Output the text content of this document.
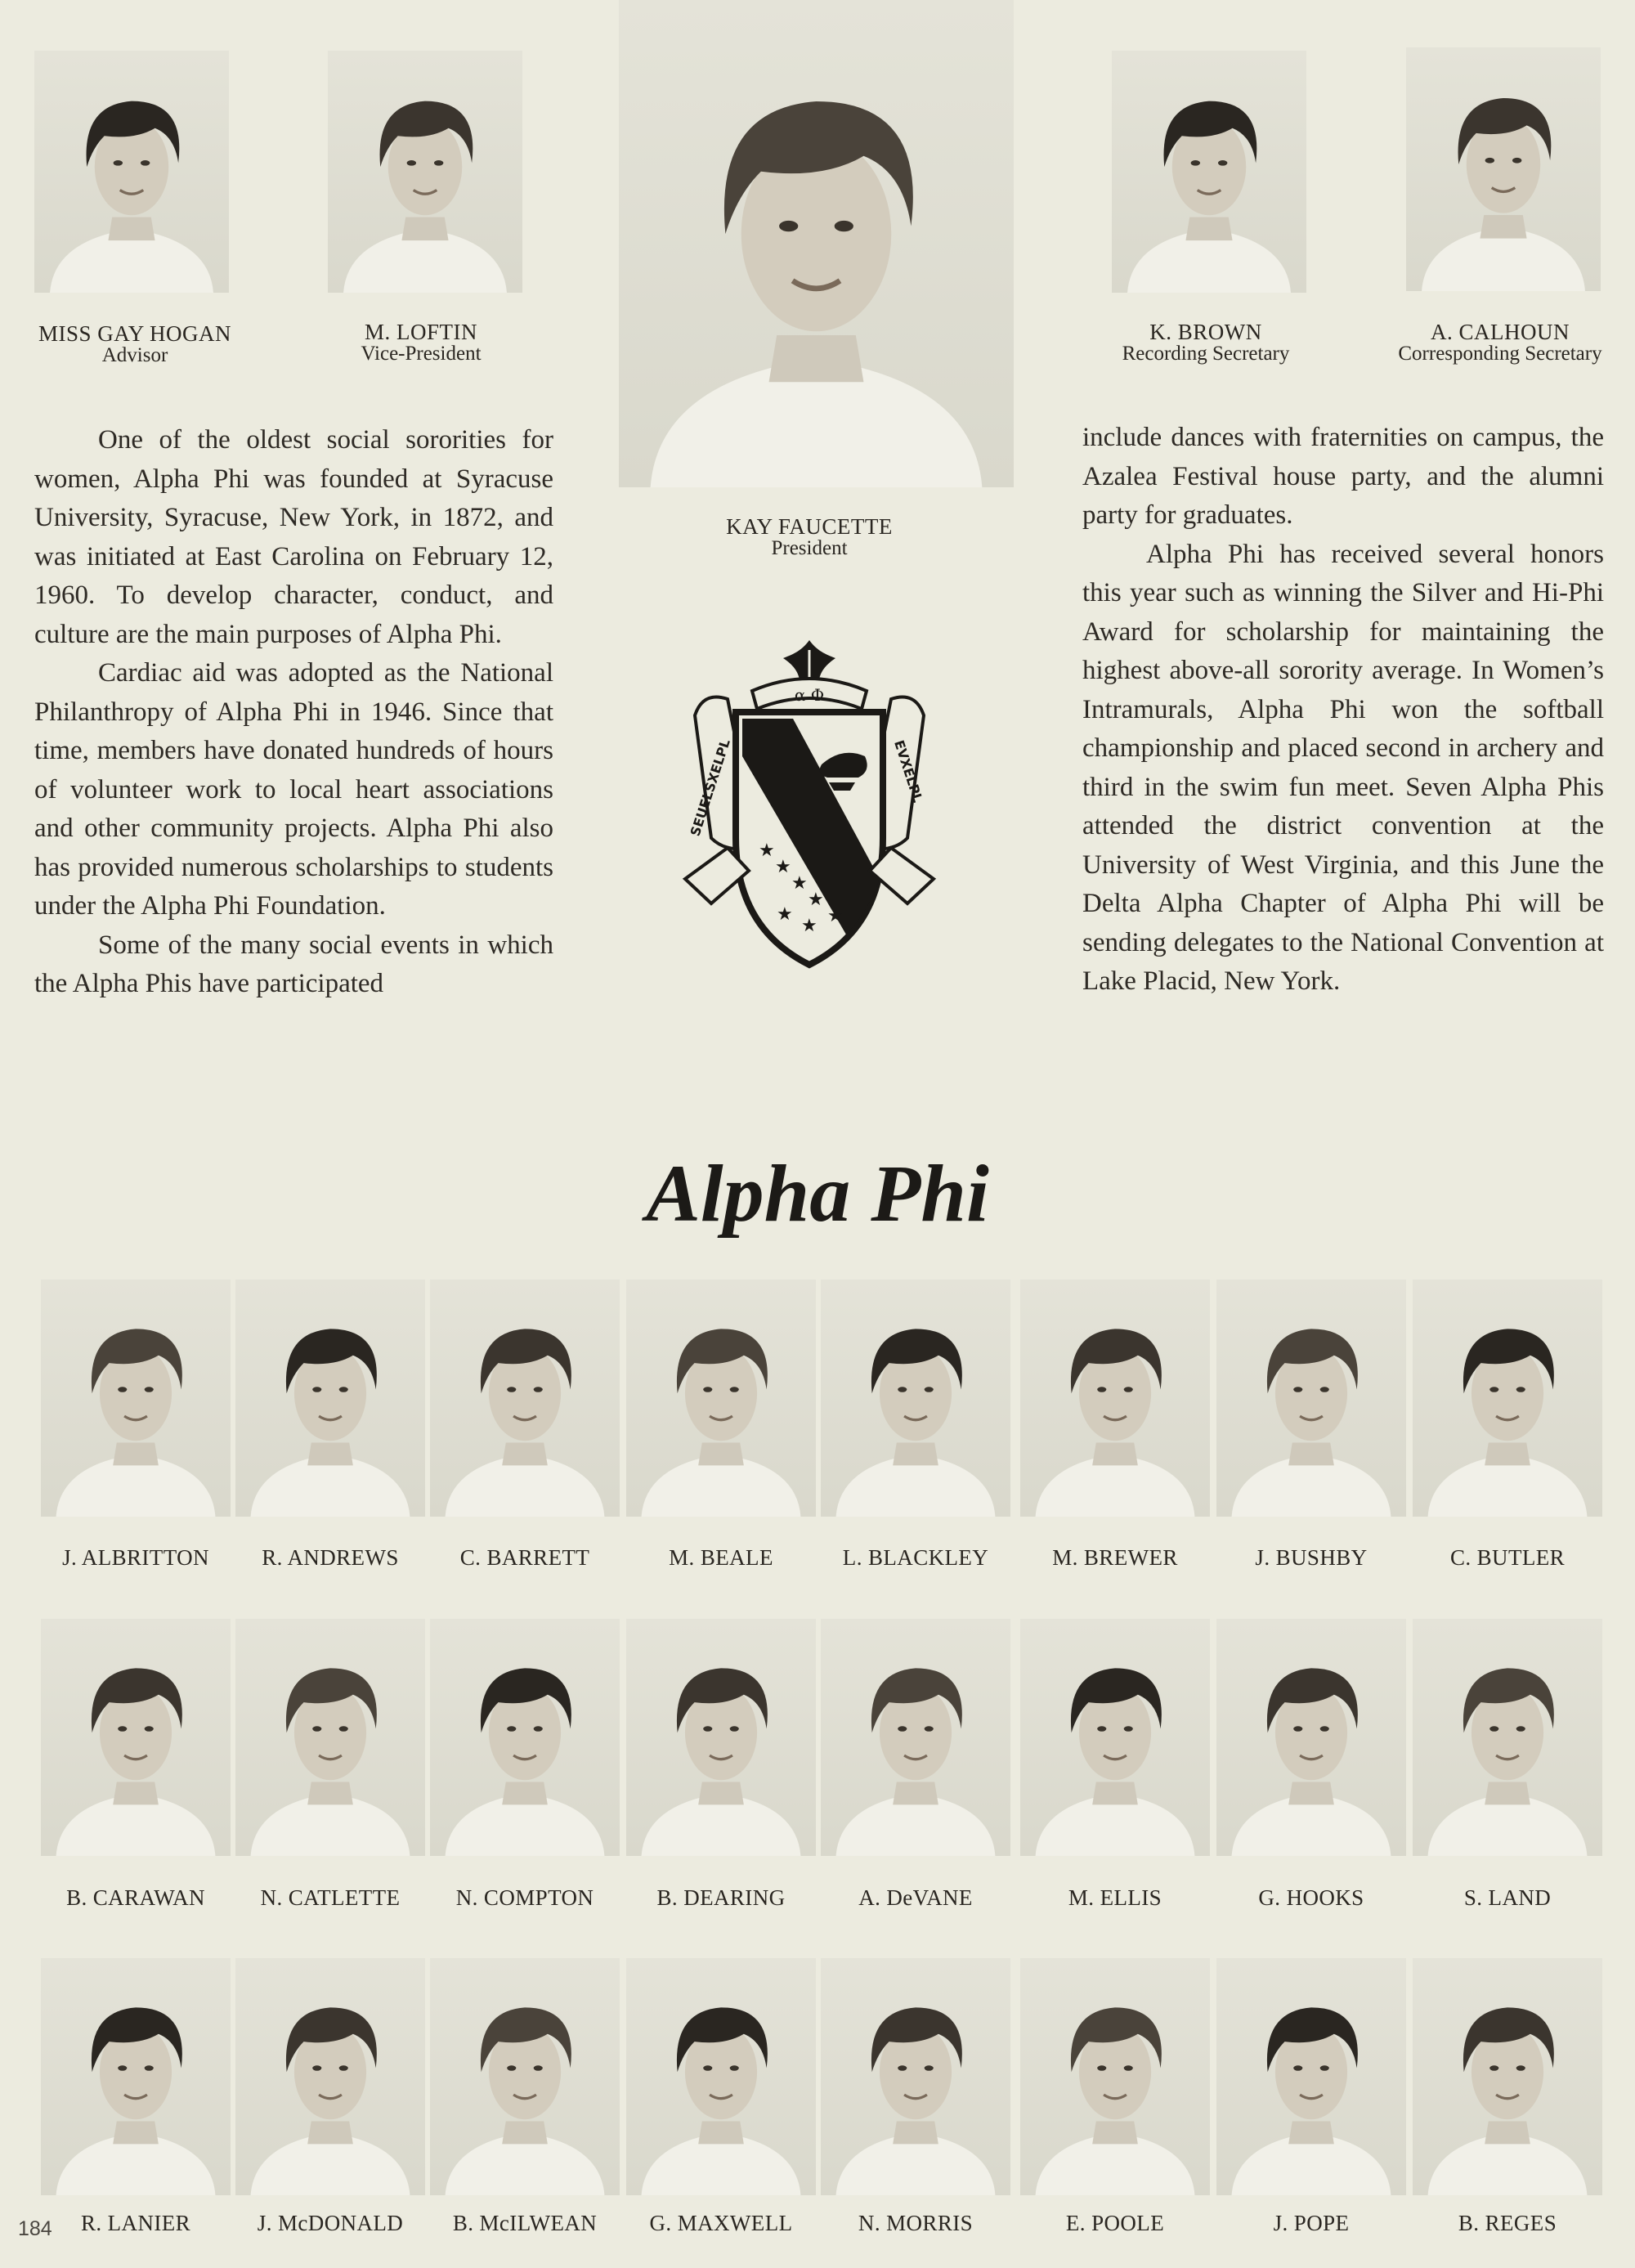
MISS GAY HOGAN
Advisor
M. LOFTIN
Vice-President
KAY FAUCETTE
President
K. BROWN
Recording Secretary
A. CALHOUN
Corresponding Secretary

One of the oldest social sororities for women, Alpha Phi was founded at Syracuse University, Syracuse, New York, in 1872, and was initiated at East Carolina on February 12, 1960. To develop character, conduct, and culture are the main purposes of Alpha Phi.

Cardiac aid was adopted as the National Philanthropy of Alpha Phi in 1946. Since that time, members have donated hundreds of hours of volunteer work to local heart associations and other community projects. Alpha Phi also has provided numerous scholarships to students under the Alpha Phi Foundation.

Some of the many social events in which the Alpha Phis have participated

include dances with fraternities on campus, the Azalea Festival house party, and the alumni party for graduates.

Alpha Phi has received several honors this year such as winning the Silver and Hi-Phi Award for scholarship for maintaining the highest above-all sorority average. In Women’s Intramurals, Alpha Phi won the softball championship and placed second in archery and third in the swim fun meet. Seven Alpha Phis attended the district convention at the University of West Virginia, and this June the Delta Alpha Chapter of Alpha Phi will be sending delegates to the National Convention at Lake Placid, New York.

α Φ
SEUELSXELPL	EVXELPL
★
★
★
★
★
★ ★
Alpha Phi
J. ALBRITTON	R. ANDREWS	C. BARRETT	M. BEALE	L. BLACKLEY	M. BREWER	J. BUSHBY	C. BUTLER
B. CARAWAN	N. CATLETTE	N. COMPTON	B. DEARING	A. DeVANE	M. ELLIS	G. HOOKS	S. LAND
R. LANIER	J. McDONALD	B. McILWEAN	G. MAXWELL	N. MORRIS	E. POOLE	J. POPE	B. REGES
184
